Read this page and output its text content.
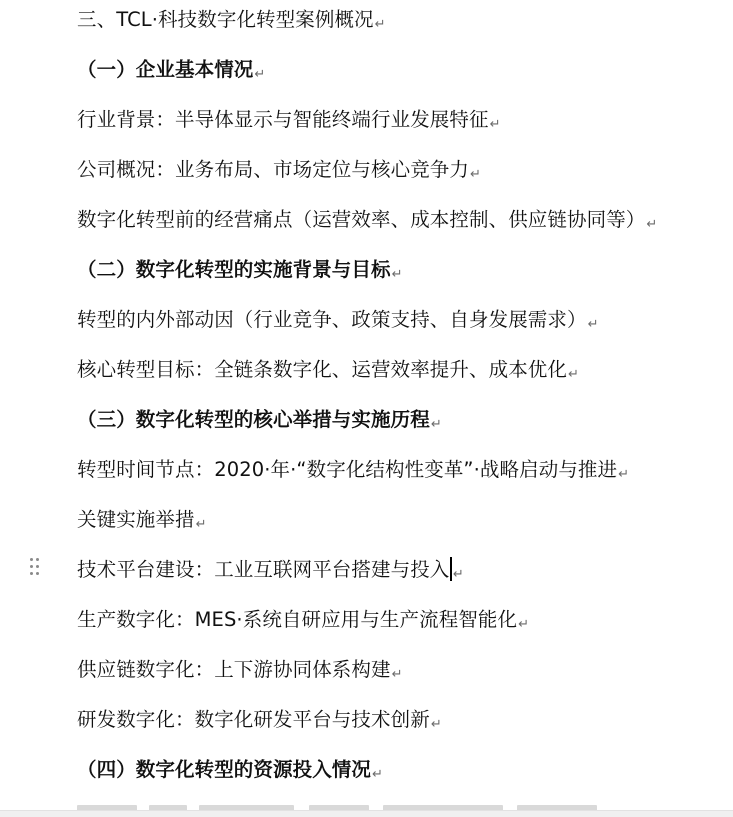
三、TCL·科技数字化转型案例概况↵
（一）企业基本情况↵
行业背景：半导体显示与智能终端行业发展特征↵
公司概况：业务布局、市场定位与核心竞争力↵
数字化转型前的经营痛点（运营效率、成本控制、供应链协同等）↵
（二）数字化转型的实施背景与目标↵
转型的内外部动因（行业竞争、政策支持、自身发展需求）↵
核心转型目标：全链条数字化、运营效率提升、成本优化↵
（三）数字化转型的核心举措与实施历程↵
转型时间节点：2020·年·“数字化结构性变革”·战略启动与推进↵
关键实施举措↵
技术平台建设：工业互联网平台搭建与投入 ↵
生产数字化：MES·系统自研应用与生产流程智能化↵
供应链数字化：上下游协同体系构建↵
研发数字化：数字化研发平台与技术创新↵
（四）数字化转型的资源投入情况↵
